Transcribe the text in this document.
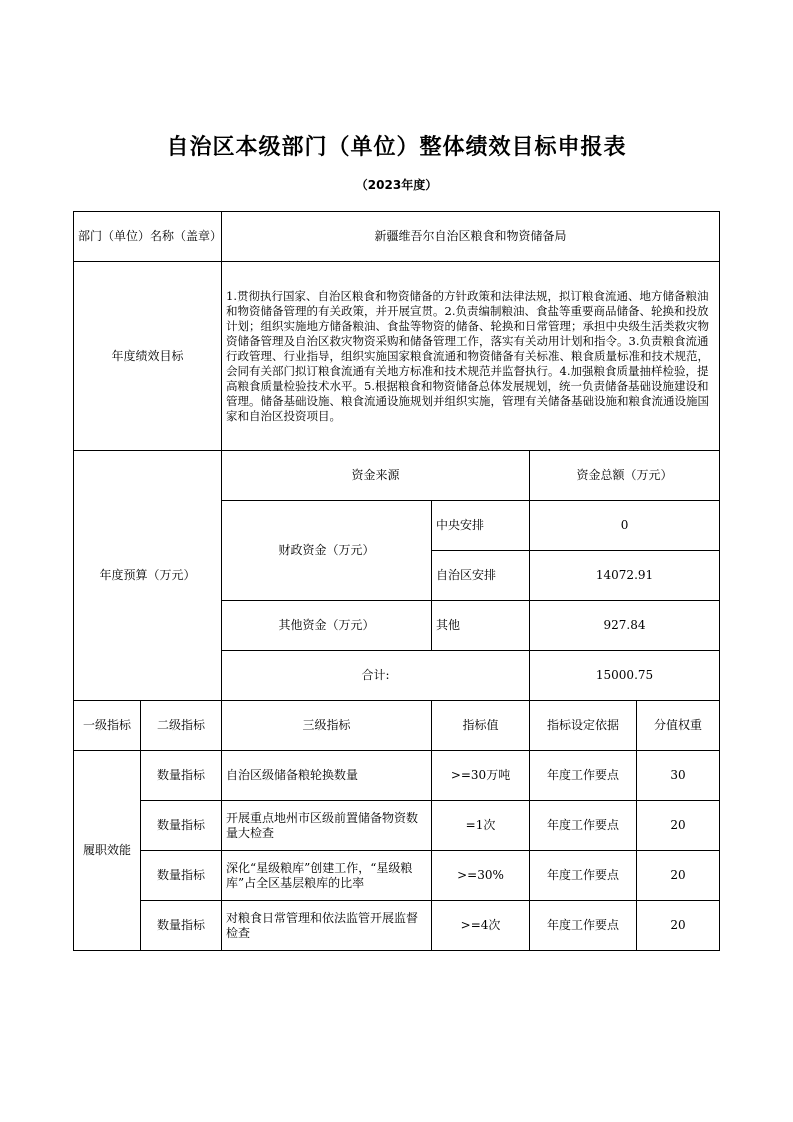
自治区本级部门（单位）整体绩效目标申报表
（2023年度）
部门（单位）名称（盖章）		新疆维吾尔自治区粮食和物资储备局			
年度绩效目标		1.贯彻执行国家、自治区粮食和物资储备的方针政策和法律法规，拟订粮食流通、地方储备粮油和物资储备管理的有关政策，并开展宣贯。2.负责编制粮油、食盐等重要商品储备、轮换和投放计划；组织实施地方储备粮油、食盐等物资的储备、轮换和日常管理；承担中央级生活类救灾物资储备管理及自治区救灾物资采购和储备管理工作，落实有关动用计划和指令。3.负责粮食流通行政管理、行业指导，组织实施国家粮食流通和物资储备有关标准、粮食质量标准和技术规范，会同有关部门拟订粮食流通有关地方标准和技术规范并监督执行。4.加强粮食质量抽样检验，提高粮食质量检验技术水平。5.根据粮食和物资储备总体发展规划，统一负责储备基础设施建设和管理。储备基础设施、粮食流通设施规划并组织实施，管理有关储备基础设施和粮食流通设施国家和自治区投资项目。			
年度预算（万元）		资金来源		资金总额（万元）	
		财政资金（万元）	中央安排	0	
			自治区安排	14072.91	
		其他资金（万元）	其他	927.84	
		合计:		15000.75	
一级指标	二级指标	三级指标	指标值	指标设定依据	分值权重
履职效能	数量指标	自治区级储备粮轮换数量	>=30万吨	年度工作要点	30
	数量指标	开展重点地州市区级前置储备物资数量大检查	=1次	年度工作要点	20
	数量指标	深化“星级粮库”创建工作，“星级粮库”占全区基层粮库的比率	>=30%	年度工作要点	20
	数量指标	对粮食日常管理和依法监管开展监督检查	>=4次	年度工作要点	20
